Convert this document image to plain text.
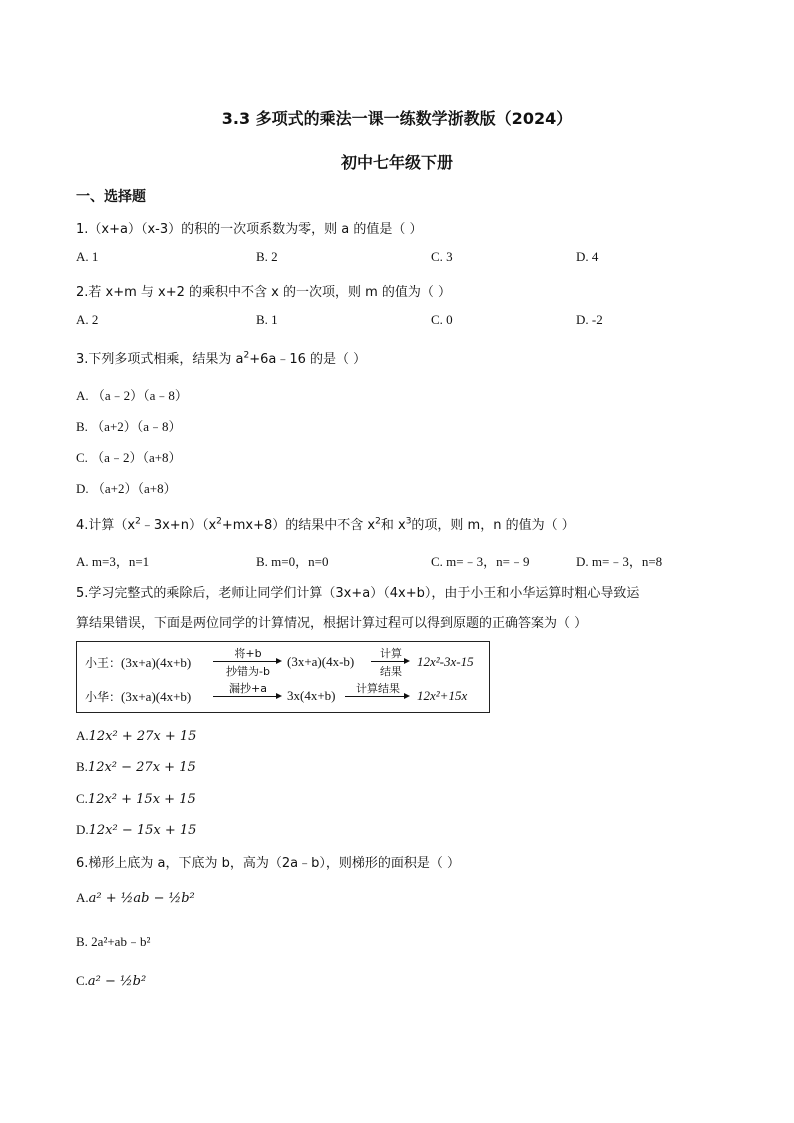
3.3 多项式的乘法一课一练数学浙教版（2024）
初中七年级下册
一、选择题
1.（x+a）（x-3）的积的一次项系数为零，则 a 的值是（ ）
A. 1	B. 2	C. 3	D. 4
2.若 x+m 与 x+2 的乘积中不含 x 的一次项，则 m 的值为（ ）
A. 2	B. 1	C. 0	D. -2
3.下列多项式相乘，结果为 $a^2+6a﹣16$ 的是（ ）
A. （a﹣2）（a﹣8）
B. （a+2）（a﹣8）
C. （a﹣2）（a+8）
D. （a+2）（a+8）
4.计算$(x^2﹣3x+n)(x^2+mx+8)$的结果中不含 $x^2$和 $x^3$的项，则 m，n 的值为（ ）
A. m=3，n=1	B. m=0，n=0	C. m=﹣3，n=﹣9	D. m=﹣3，n=8
5.学习完整式的乘除后，老师让同学们计算（3x+a）（4x+b），由于小王和小华运算时粗心导致运
算结果错误，下面是两位同学的计算情况，根据计算过程可以得到原题的正确答案为（ ）
小王：(3x+a)(4x+b)
将+b
抄错为-b
(3x+a)(4x-b)
计算
结果
12x²-3x-15
小华：(3x+a)(4x+b)
漏抄+a	3x(4x+b)	计算结果	12x²+15x
A.12x² + 27x + 15
B.12x² − 27x + 15
C.12x² + 15x + 15
D.12x² − 15x + 15
6.梯形上底为 a，下底为 b，高为（2a﹣b），则梯形的面积是（ ）
A.a² + ½ab − ½b²
B. 2a²+ab﹣b²
C.a² − ½b²
